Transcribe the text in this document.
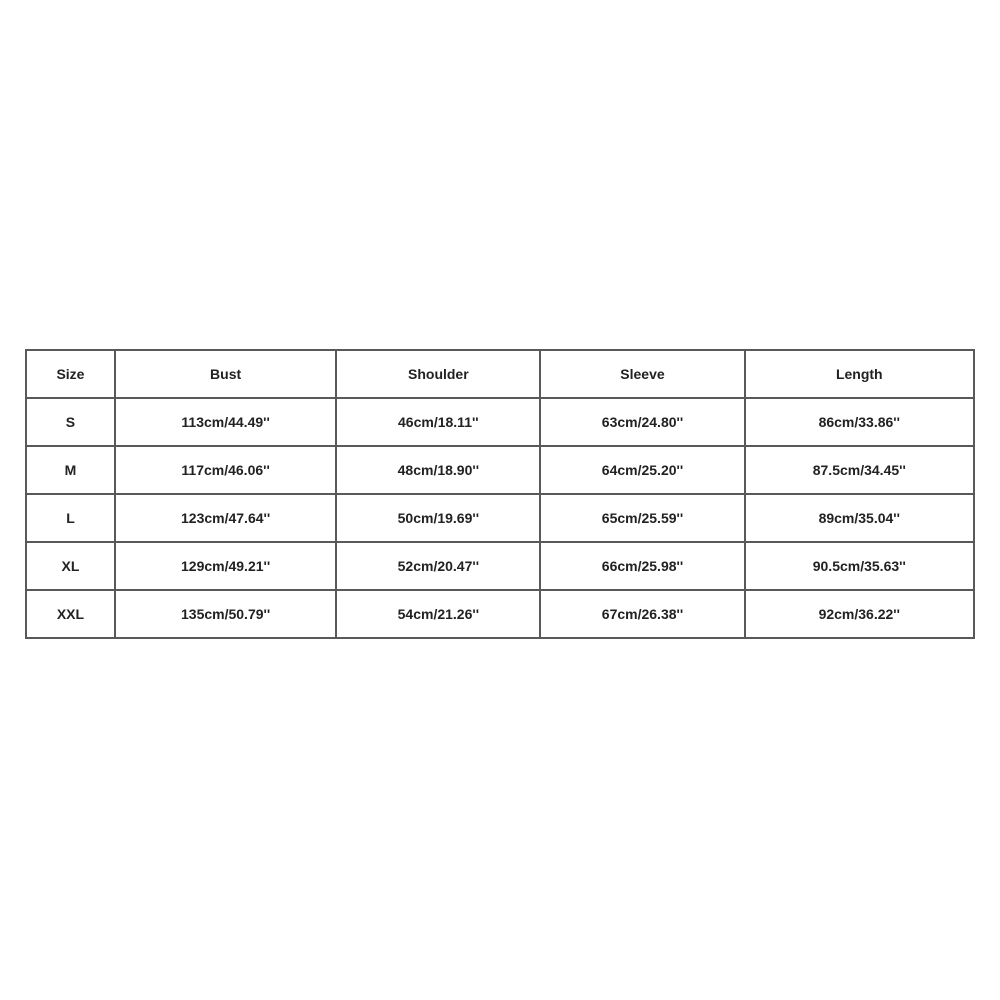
Size	Bust	Shoulder	Sleeve	Length
S	113cm/44.49''	46cm/18.11''	63cm/24.80''	86cm/33.86''
M	117cm/46.06''	48cm/18.90''	64cm/25.20''	87.5cm/34.45''
L	123cm/47.64''	50cm/19.69''	65cm/25.59''	89cm/35.04''
XL	129cm/49.21''	52cm/20.47''	66cm/25.98''	90.5cm/35.63''
XXL	135cm/50.79''	54cm/21.26''	67cm/26.38''	92cm/36.22''
